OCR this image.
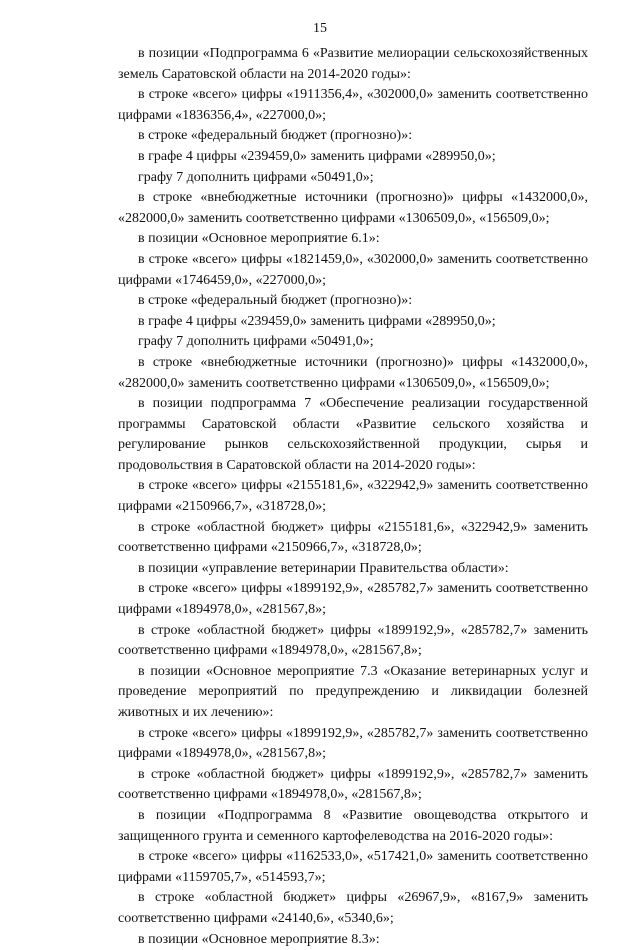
15

в позиции «Подпрограмма 6 «Развитие мелиорации сельскохозяйственных земель Саратовской области на 2014-2020 годы»:

в строке «всего» цифры «1911356,4», «302000,0» заменить соответственно цифрами «1836356,4», «227000,0»;

в строке «федеральный бюджет (прогнозно)»:

в графе 4 цифры «239459,0» заменить цифрами «289950,0»;

графу 7 дополнить цифрами «50491,0»;

в строке «внебюджетные источники (прогнозно)» цифры «1432000,0», «282000,0» заменить соответственно цифрами «1306509,0», «156509,0»;

в позиции «Основное мероприятие 6.1»:

в строке «всего» цифры «1821459,0», «302000,0» заменить соответственно цифрами «1746459,0», «227000,0»;

в строке «федеральный бюджет (прогнозно)»:

в графе 4 цифры «239459,0» заменить цифрами «289950,0»;

графу 7 дополнить цифрами «50491,0»;

в строке «внебюджетные источники (прогнозно)» цифры «1432000,0», «282000,0» заменить соответственно цифрами «1306509,0», «156509,0»;

в позиции подпрограмма 7 «Обеспечение реализации государственной программы Саратовской области «Развитие сельского хозяйства и регулирование рынков сельскохозяйственной продукции, сырья и продовольствия в Саратовской области на 2014-2020 годы»:

в строке «всего» цифры «2155181,6», «322942,9» заменить соответственно цифрами «2150966,7», «318728,0»;

в строке «областной бюджет» цифры «2155181,6», «322942,9» заменить соответственно цифрами «2150966,7», «318728,0»;

в позиции «управление ветеринарии Правительства области»:

в строке «всего» цифры «1899192,9», «285782,7» заменить соответственно цифрами «1894978,0», «281567,8»;

в строке «областной бюджет» цифры «1899192,9», «285782,7» заменить соответственно цифрами «1894978,0», «281567,8»;

в позиции «Основное мероприятие 7.3 «Оказание ветеринарных услуг и проведение мероприятий по предупреждению и ликвидации болезней животных и их лечению»:

в строке «всего» цифры «1899192,9», «285782,7» заменить соответственно цифрами «1894978,0», «281567,8»;

в строке «областной бюджет» цифры «1899192,9», «285782,7» заменить соответственно цифрами «1894978,0», «281567,8»;

в позиции «Подпрограмма 8 «Развитие овощеводства открытого и защищенного грунта и семенного картофелеводства на 2016-2020 годы»:

в строке «всего» цифры «1162533,0», «517421,0» заменить соответственно цифрами «1159705,7», «514593,7»;

в строке «областной бюджет» цифры «26967,9», «8167,9» заменить соответственно цифрами «24140,6», «5340,6»;

в позиции «Основное мероприятие 8.3»:
